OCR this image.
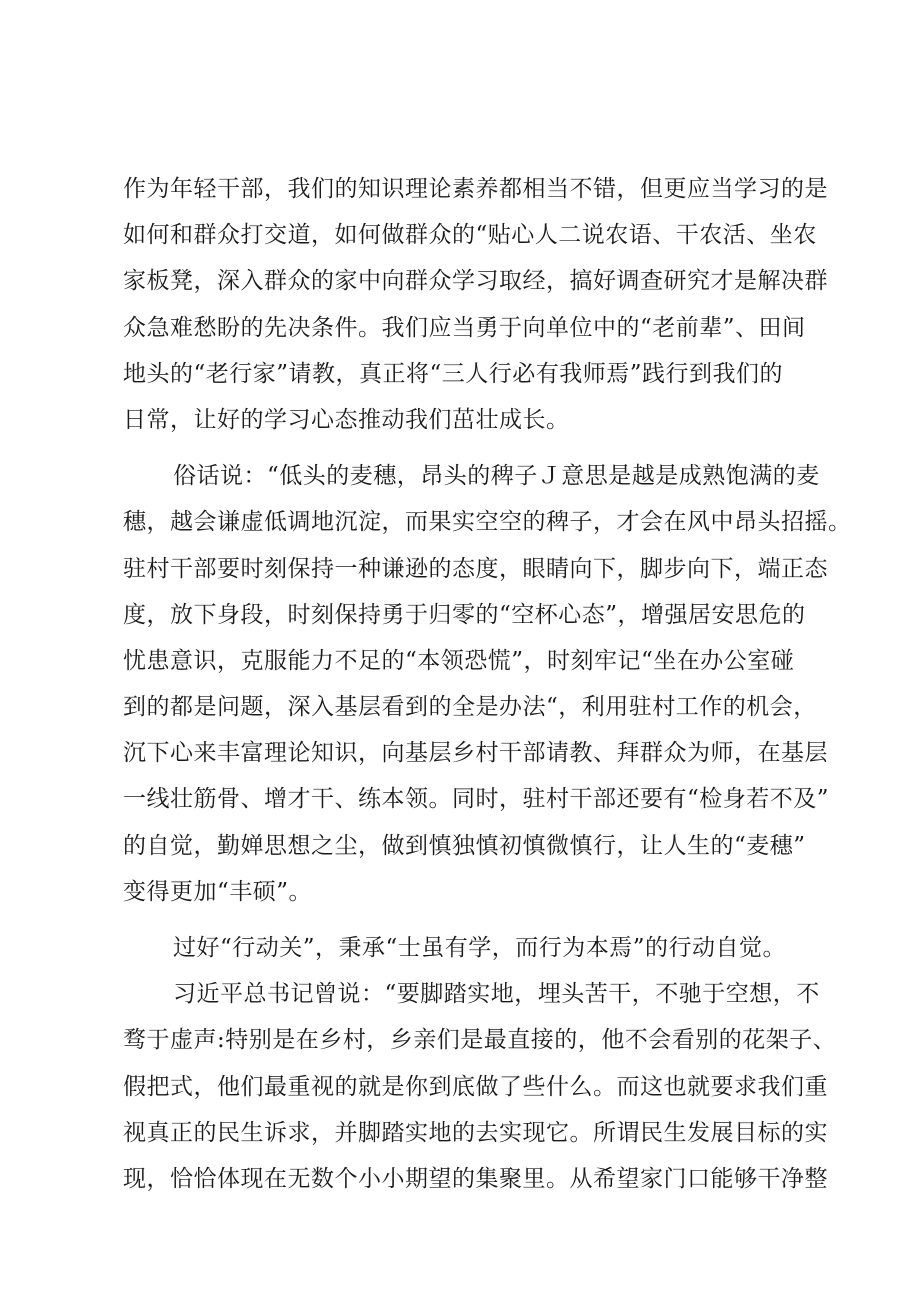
作为年轻干部，我们的知识理论素养都相当不错，但更应当学习的是
如何和群众打交道，如何做群众的“贴心人二说农语、干农活、坐农
家板凳，深入群众的家中向群众学习取经，搞好调查研究才是解决群
众急难愁盼的先决条件。我们应当勇于向单位中的“老前辈”、田间
地头的“老行家”请教，真正将“三人行必有我师焉”践行到我们的
日常，让好的学习心态推动我们茁壮成长。
俗话说：“低头的麦穗，昂头的稗子Ｊ意思是越是成熟饱满的麦
穗，越会谦虚低调地沉淀，而果实空空的稗子，才会在风中昂头招摇。
驻村干部要时刻保持一种谦逊的态度，眼睛向下，脚步向下，端正态
度，放下身段，时刻保持勇于归零的“空杯心态”，增强居安思危的
忧患意识，克服能力不足的“本领恐慌”，时刻牢记“坐在办公室碰
到的都是问题，深入基层看到的全是办法“，利用驻村工作的机会，
沉下心来丰富理论知识，向基层乡村干部请教、拜群众为师，在基层
一线壮筋骨、增才干、练本领。同时，驻村干部还要有“检身若不及”
的自觉，勤婵思想之尘，做到慎独慎初慎微慎行，让人生的“麦穗”
变得更加“丰硕”。
过好“行动关”，秉承“士虽有学，而行为本焉”的行动自觉。
习近平总书记曾说：“要脚踏实地，埋头苦干，不驰于空想，不
骛于虚声:特别是在乡村，乡亲们是最直接的，他不会看别的花架子、
假把式，他们最重视的就是你到底做了些什么。而这也就要求我们重
视真正的民生诉求，并脚踏实地的去实现它。所谓民生发展目标的实
现，恰恰体现在无数个小小期望的集聚里。从希望家门口能够干净整
